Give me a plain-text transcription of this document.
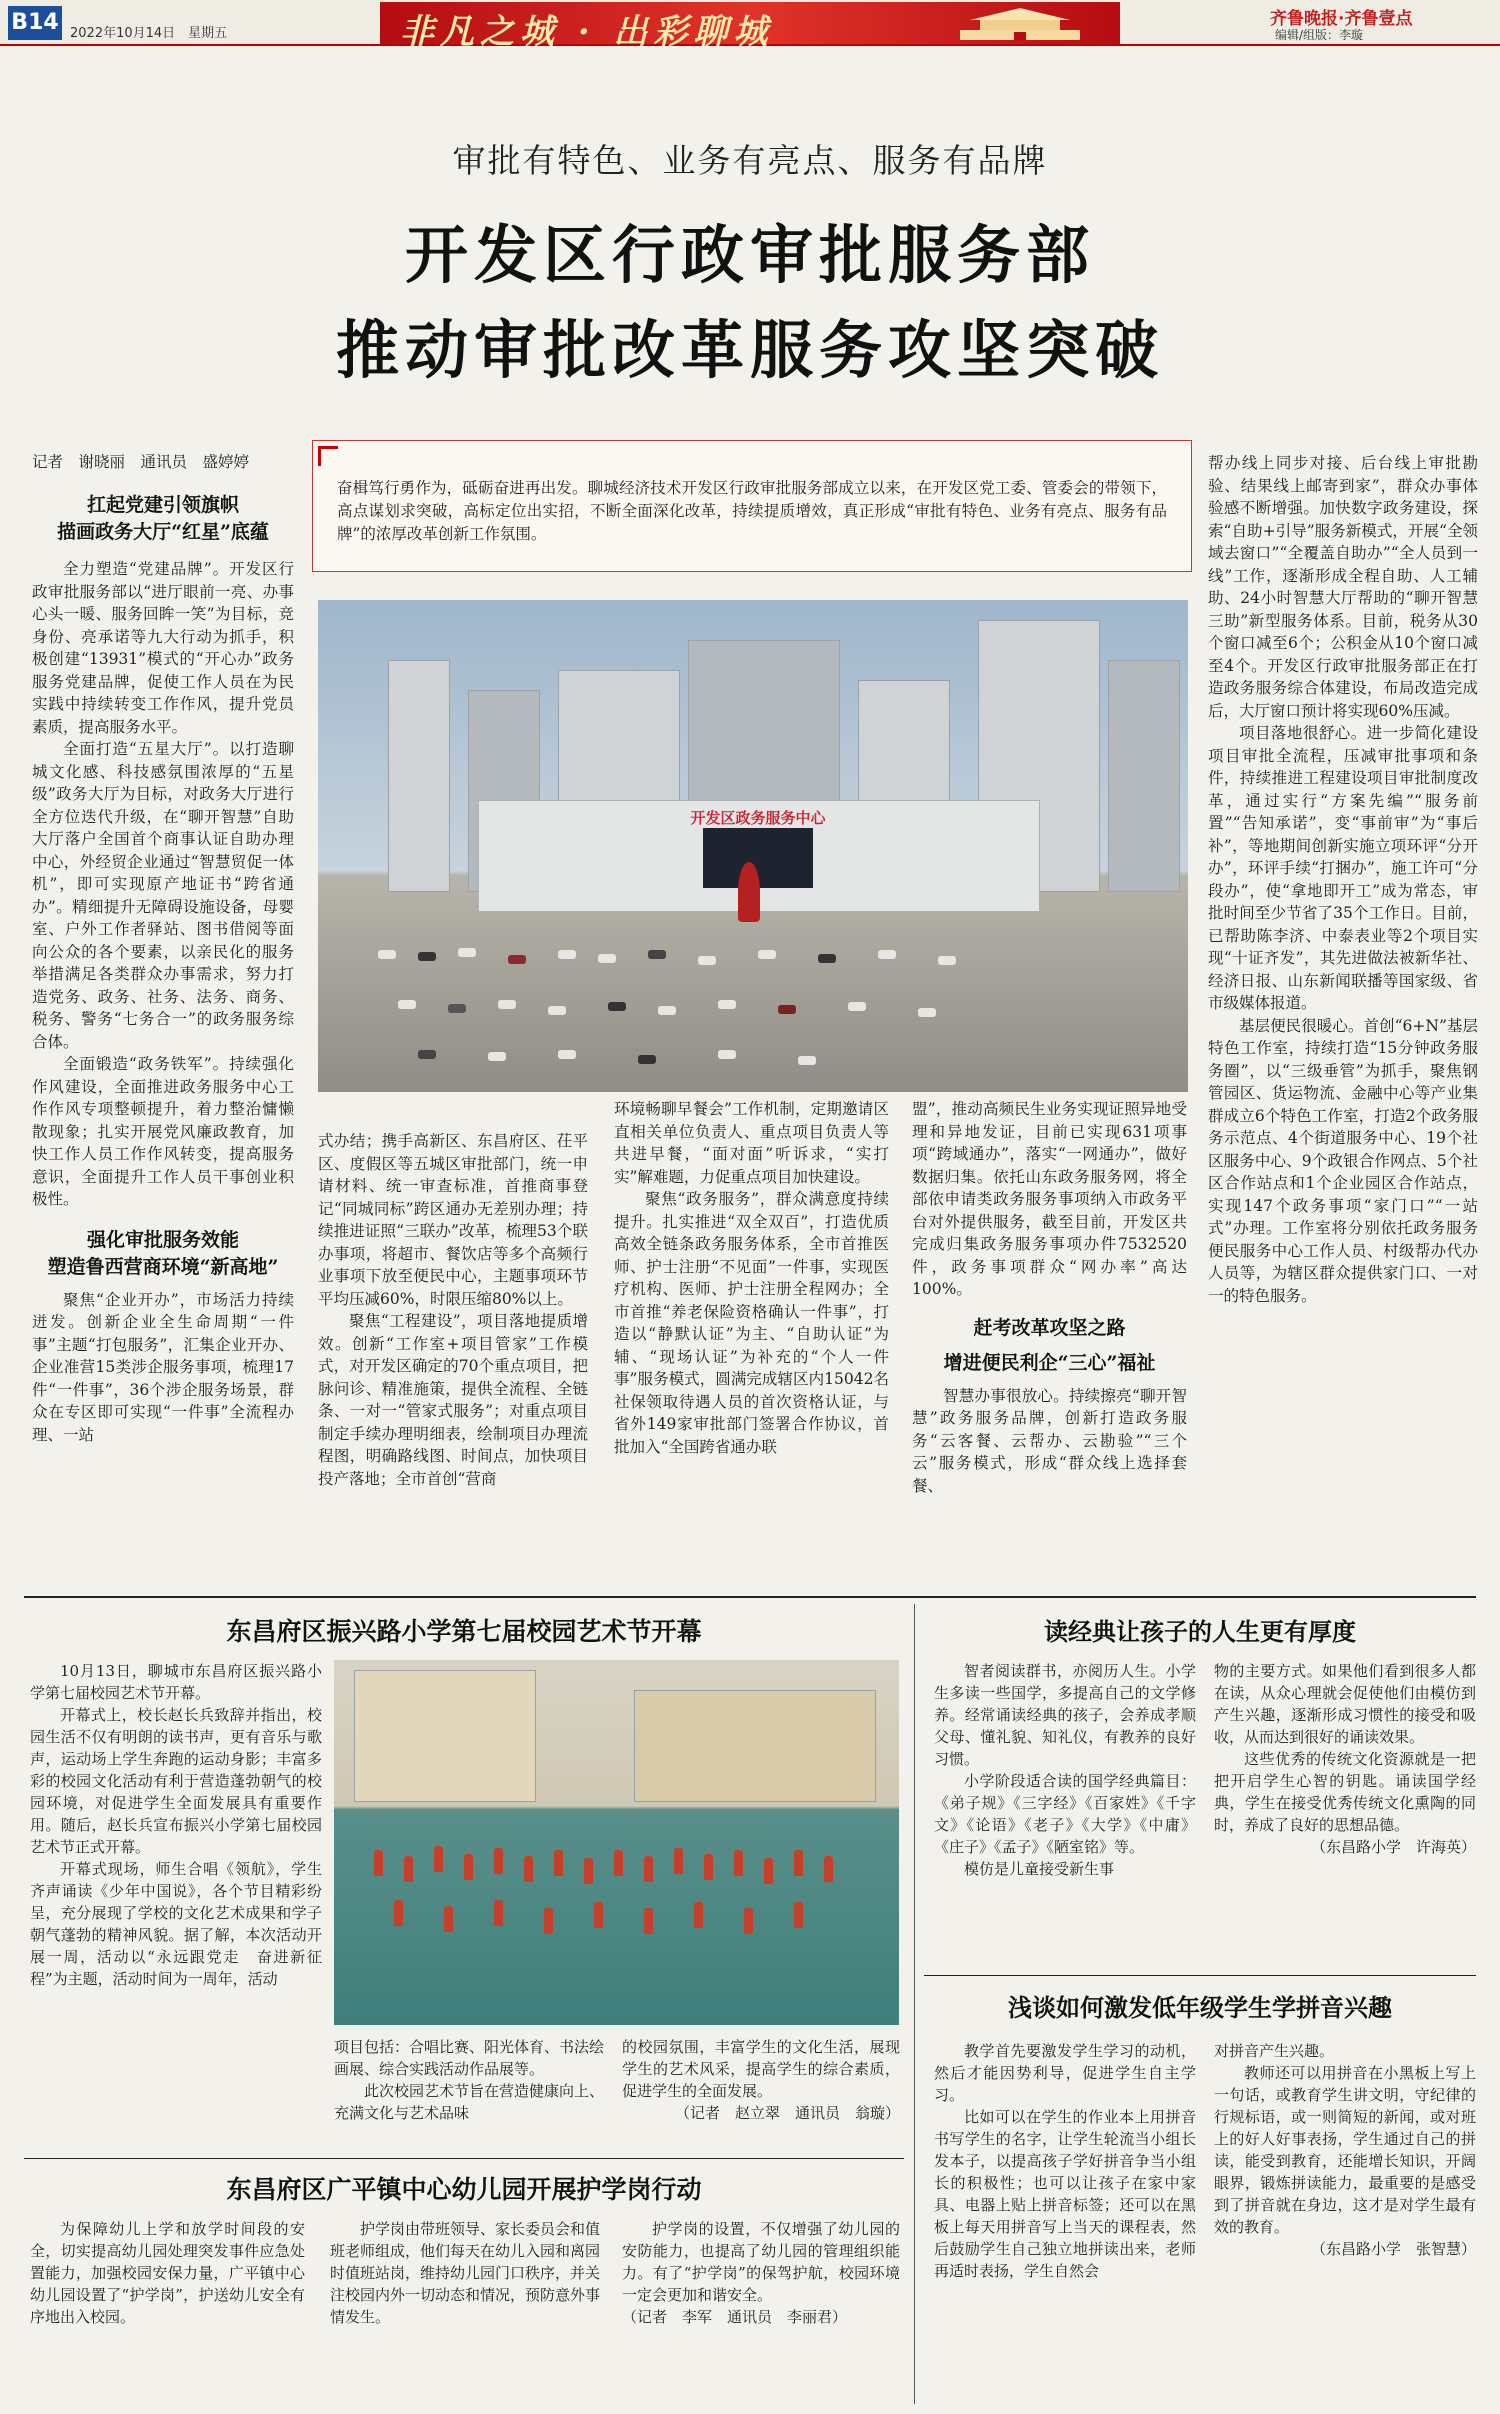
B14 2022年10月14日　星期五	非凡之城 · 出彩聊城	齐鲁晚报·齐鲁壹点
编辑/组版：李璇
审批有特色、业务有亮点、服务有品牌
开发区行政审批服务部
推动审批改革服务攻坚突破
记者　谢晓丽　通讯员　盛婷婷
奋楫笃行勇作为，砥砺奋进再出发。聊城经济技术开发区行政审批服务部成立以来，在开发区党工委、管委会的带领下，高点谋划求突破，高标定位出实招，不断全面深化改革，持续提质增效，真正形成“审批有特色、业务有亮点、服务有品牌”的浓厚改革创新工作氛围。
扛起党建引领旗帜
描画政务大厅“红星”底蕴

全力塑造“党建品牌”。开发区行政审批服务部以“进厅眼前一亮、办事心头一暖、服务回眸一笑”为目标，竞身份、亮承诺等九大行动为抓手，积极创建“13931”模式的“开心办”政务服务党建品牌，促使工作人员在为民实践中持续转变工作作风，提升党员素质，提高服务水平。

全面打造“五星大厅”。以打造聊城文化感、科技感氛围浓厚的“五星级”政务大厅为目标，对政务大厅进行全方位迭代升级，在“聊开智慧”自助大厅落户全国首个商事认证自助办理中心，外经贸企业通过“智慧贸促一体机”，即可实现原产地证书“跨省通办”。精细提升无障碍设施设备，母婴室、户外工作者驿站、图书借阅等面向公众的各个要素，以亲民化的服务举措满足各类群众办事需求，努力打造党务、政务、社务、法务、商务、税务、警务“七务合一”的政务服务综合体。

全面锻造“政务铁军”。持续强化作风建设，全面推进政务服务中心工作作风专项整顿提升，着力整治慵懒散现象；扎实开展党风廉政教育，加快工作人员工作作风转变，提高服务意识，全面提升工作人员干事创业积极性。

强化审批服务效能
塑造鲁西营商环境“新高地”

聚焦“企业开办”，市场活力持续迸发。创新企业全生命周期“一件事”主题“打包服务”，汇集企业开办、企业准营15类涉企服务事项，梳理17件“一件事”，36个涉企服务场景，群众在专区即可实现“一件事”全流程办理、一站

开发区政务服务中心

式办结；携手高新区、东昌府区、茌平区、度假区等五城区审批部门，统一申请材料、统一审查标准，首推商事登记“同城同标”跨区通办无差别办理；持续推进证照“三联办”改革，梳理53个联办事项，将超市、餐饮店等多个高频行业事项下放至便民中心，主题事项环节平均压减60%，时限压缩80%以上。

聚焦“工程建设”，项目落地提质增效。创新“工作室+项目管家”工作模式，对开发区确定的70个重点项目，把脉问诊、精准施策，提供全流程、全链条、一对一“管家式服务”；对重点项目制定手续办理明细表，绘制项目办理流程图，明确路线图、时间点，加快项目投产落地；全市首创“营商

环境畅聊早餐会”工作机制，定期邀请区直相关单位负责人、重点项目负责人等共进早餐，“面对面”听诉求，“实打实”解难题，力促重点项目加快建设。

聚焦“政务服务”，群众满意度持续提升。扎实推进“双全双百”，打造优质高效全链条政务服务体系，全市首推医师、护士注册“不见面”一件事，实现医疗机构、医师、护士注册全程网办；全市首推“养老保险资格确认一件事”，打造以“静默认证”为主、“自助认证”为辅、“现场认证”为补充的“个人一件事”服务模式，圆满完成辖区内15042名社保领取待遇人员的首次资格认证，与省外149家审批部门签署合作协议，首批加入“全国跨省通办联

盟”，推动高频民生业务实现证照异地受理和异地发证，目前已实现631项事项“跨域通办”，落实“一网通办”，做好数据归集。依托山东政务服务网，将全部依申请类政务服务事项纳入市政务平台对外提供服务，截至目前，开发区共完成归集政务服务事项办件7532520件，政务事项群众“网办率”高达100%。

赶考改革攻坚之路
增进便民利企“三心”福祉

智慧办事很放心。持续擦亮“聊开智慧”政务服务品牌，创新打造政务服务“云客餐、云帮办、云勘验”“三个云”服务模式，形成“群众线上选择套餐、

帮办线上同步对接、后台线上审批勘验、结果线上邮寄到家”，群众办事体验感不断增强。加快数字政务建设，探索“自助+引导”服务新模式，开展“全领域去窗口”“全覆盖自助办”“全人员到一线”工作，逐渐形成全程自助、人工辅助、24小时智慧大厅帮助的“聊开智慧三助”新型服务体系。目前，税务从30个窗口减至6个；公积金从10个窗口减至4个。开发区行政审批服务部正在打造政务服务综合体建设，布局改造完成后，大厅窗口预计将实现60%压减。

项目落地很舒心。进一步简化建设项目审批全流程，压减审批事项和条件，持续推进工程建设项目审批制度改革，通过实行“方案先编”“服务前置”“告知承诺”，变“事前审”为“事后补”，等地期间创新实施立项环评“分开办”，环评手续“打捆办”，施工许可“分段办”，使“拿地即开工”成为常态，审批时间至少节省了35个工作日。目前，已帮助陈李济、中泰表业等2个项目实现“十证齐发”，其先进做法被新华社、经济日报、山东新闻联播等国家级、省市级媒体报道。

基层便民很暖心。首创“6+N”基层特色工作室，持续打造“15分钟政务服务圈”，以“三级垂管”为抓手，聚焦钢管园区、货运物流、金融中心等产业集群成立6个特色工作室，打造2个政务服务示范点、4个街道服务中心、19个社区服务中心、9个政银合作网点、5个社区合作站点和1个企业园区合作站点，实现147个政务事项“家门口”“一站式”办理。工作室将分别依托政务服务便民服务中心工作人员、村级帮办代办人员等，为辖区群众提供家门口、一对一的特色服务。

东昌府区振兴路小学第七届校园艺术节开幕

10月13日，聊城市东昌府区振兴路小学第七届校园艺术节开幕。

开幕式上，校长赵长兵致辞并指出，校园生活不仅有明朗的读书声，更有音乐与歌声，运动场上学生奔跑的运动身影；丰富多彩的校园文化活动有利于营造蓬勃朝气的校园环境，对促进学生全面发展具有重要作用。随后，赵长兵宣布振兴小学第七届校园艺术节正式开幕。

开幕式现场，师生合唱《领航》，学生齐声诵读《少年中国说》，各个节目精彩纷呈，充分展现了学校的文化艺术成果和学子朝气蓬勃的精神风貌。据了解，本次活动开展一周，活动以“永远跟党走　奋进新征程”为主题，活动时间为一周年，活动

项目包括：合唱比赛、阳光体育、书法绘画展、综合实践活动作品展等。

此次校园艺术节旨在营造健康向上、充满文化与艺术品味

的校园氛围，丰富学生的文化生活，展现学生的艺术风采，提高学生的综合素质，促进学生的全面发展。

（记者　赵立翠　通讯员　翁璇）
东昌府区广平镇中心幼儿园开展护学岗行动

为保障幼儿上学和放学时间段的安全，切实提高幼儿园处理突发事件应急处置能力，加强校园安保力量，广平镇中心幼儿园设置了“护学岗”，护送幼儿安全有序地出入校园。

护学岗由带班领导、家长委员会和值班老师组成，他们每天在幼儿入园和离园时值班站岗，维持幼儿园门口秩序，并关注校园内外一切动态和情况，预防意外事情发生。

护学岗的设置，不仅增强了幼儿园的安防能力，也提高了幼儿园的管理组织能力。有了“护学岗”的保驾护航，校园环境一定会更加和谐安全。

（记者　李军　通讯员　李丽君）
读经典让孩子的人生更有厚度

智者阅读群书，亦阅历人生。小学生多读一些国学，多提高自己的文学修养。经常诵读经典的孩子，会养成孝顺父母、懂礼貌、知礼仪，有教养的良好习惯。

小学阶段适合读的国学经典篇目：《弟子规》《三字经》《百家姓》《千字文》《论语》《老子》《大学》《中庸》《庄子》《孟子》《陋室铭》等。

模仿是儿童接受新生事

物的主要方式。如果他们看到很多人都在读，从众心理就会促使他们由模仿到产生兴趣，逐渐形成习惯性的接受和吸收，从而达到很好的诵读效果。

这些优秀的传统文化资源就是一把把开启学生心智的钥匙。诵读国学经典，学生在接受优秀传统文化熏陶的同时，养成了良好的思想品德。

（东昌路小学　许海英）
浅谈如何激发低年级学生学拼音兴趣

教学首先要激发学生学习的动机，然后才能因势利导，促进学生自主学习。

比如可以在学生的作业本上用拼音书写学生的名字，让学生轮流当小组长发本子，以提高孩子学好拼音争当小组长的积极性；也可以让孩子在家中家具、电器上贴上拼音标签；还可以在黑板上每天用拼音写上当天的课程表，然后鼓励学生自己独立地拼读出来，老师再适时表扬，学生自然会

对拼音产生兴趣。

教师还可以用拼音在小黑板上写上一句话，或教育学生讲文明，守纪律的行规标语，或一则简短的新闻，或对班上的好人好事表扬，学生通过自己的拼读，能受到教育，还能增长知识，开阔眼界，锻炼拼读能力，最重要的是感受到了拼音就在身边，这才是对学生最有效的教育。

（东昌路小学　张智慧）
